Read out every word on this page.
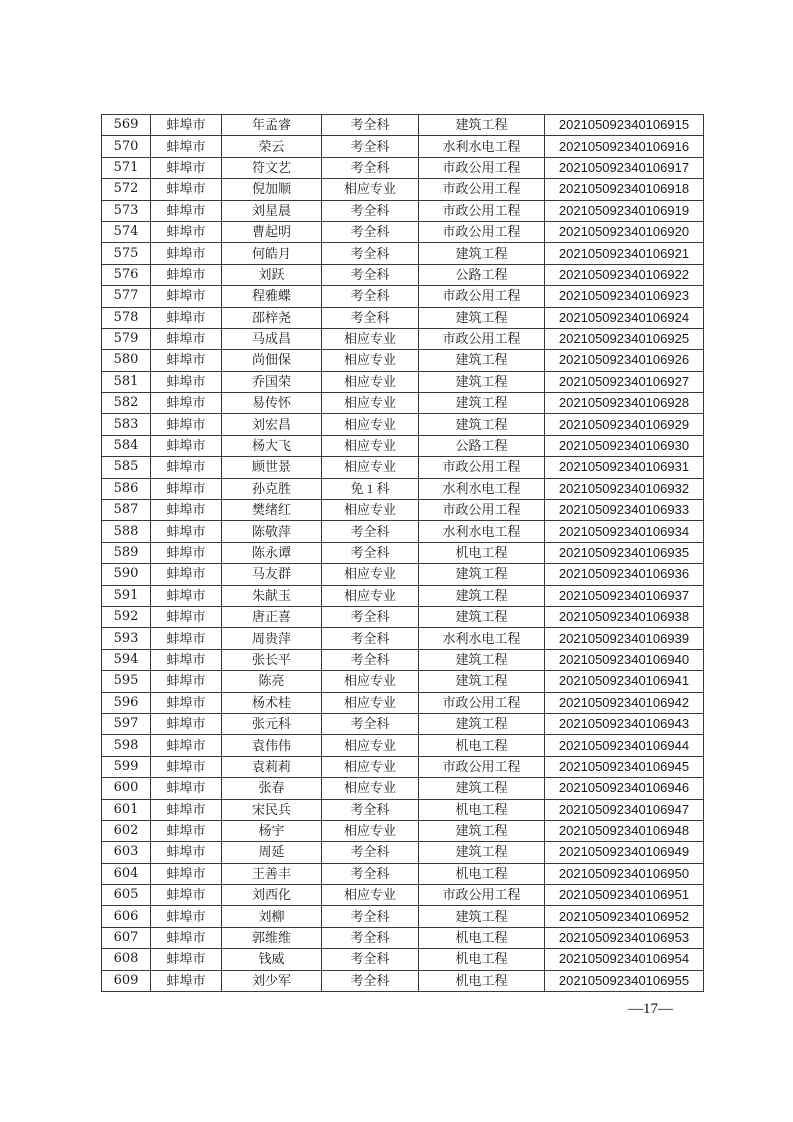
569	蚌埠市	年孟睿	考全科	建筑工程	202105092340106915
570	蚌埠市	荣云	考全科	水利水电工程	202105092340106916
571	蚌埠市	符文艺	考全科	市政公用工程	202105092340106917
572	蚌埠市	倪加顺	相应专业	市政公用工程	202105092340106918
573	蚌埠市	刘星晨	考全科	市政公用工程	202105092340106919
574	蚌埠市	曹起明	考全科	市政公用工程	202105092340106920
575	蚌埠市	何皓月	考全科	建筑工程	202105092340106921
576	蚌埠市	刘跃	考全科	公路工程	202105092340106922
577	蚌埠市	程雅蝶	考全科	市政公用工程	202105092340106923
578	蚌埠市	邵梓尧	考全科	建筑工程	202105092340106924
579	蚌埠市	马成昌	相应专业	市政公用工程	202105092340106925
580	蚌埠市	尚佃保	相应专业	建筑工程	202105092340106926
581	蚌埠市	乔国荣	相应专业	建筑工程	202105092340106927
582	蚌埠市	易传怀	相应专业	建筑工程	202105092340106928
583	蚌埠市	刘宏昌	相应专业	建筑工程	202105092340106929
584	蚌埠市	杨大飞	相应专业	公路工程	202105092340106930
585	蚌埠市	顾世景	相应专业	市政公用工程	202105092340106931
586	蚌埠市	孙克胜	免 1 科	水利水电工程	202105092340106932
587	蚌埠市	樊绪红	相应专业	市政公用工程	202105092340106933
588	蚌埠市	陈敬萍	考全科	水利水电工程	202105092340106934
589	蚌埠市	陈永谭	考全科	机电工程	202105092340106935
590	蚌埠市	马友群	相应专业	建筑工程	202105092340106936
591	蚌埠市	朱献玉	相应专业	建筑工程	202105092340106937
592	蚌埠市	唐正喜	考全科	建筑工程	202105092340106938
593	蚌埠市	周贵萍	考全科	水利水电工程	202105092340106939
594	蚌埠市	张长平	考全科	建筑工程	202105092340106940
595	蚌埠市	陈亮	相应专业	建筑工程	202105092340106941
596	蚌埠市	杨术桂	相应专业	市政公用工程	202105092340106942
597	蚌埠市	张元科	考全科	建筑工程	202105092340106943
598	蚌埠市	袁伟伟	相应专业	机电工程	202105092340106944
599	蚌埠市	袁莉莉	相应专业	市政公用工程	202105092340106945
600	蚌埠市	张春	相应专业	建筑工程	202105092340106946
601	蚌埠市	宋民兵	考全科	机电工程	202105092340106947
602	蚌埠市	杨宇	相应专业	建筑工程	202105092340106948
603	蚌埠市	周延	考全科	建筑工程	202105092340106949
604	蚌埠市	王善丰	考全科	机电工程	202105092340106950
605	蚌埠市	刘西化	相应专业	市政公用工程	202105092340106951
606	蚌埠市	刘柳	考全科	建筑工程	202105092340106952
607	蚌埠市	郭维维	考全科	机电工程	202105092340106953
608	蚌埠市	钱威	考全科	机电工程	202105092340106954
609	蚌埠市	刘少军	考全科	机电工程	202105092340106955
—17—
